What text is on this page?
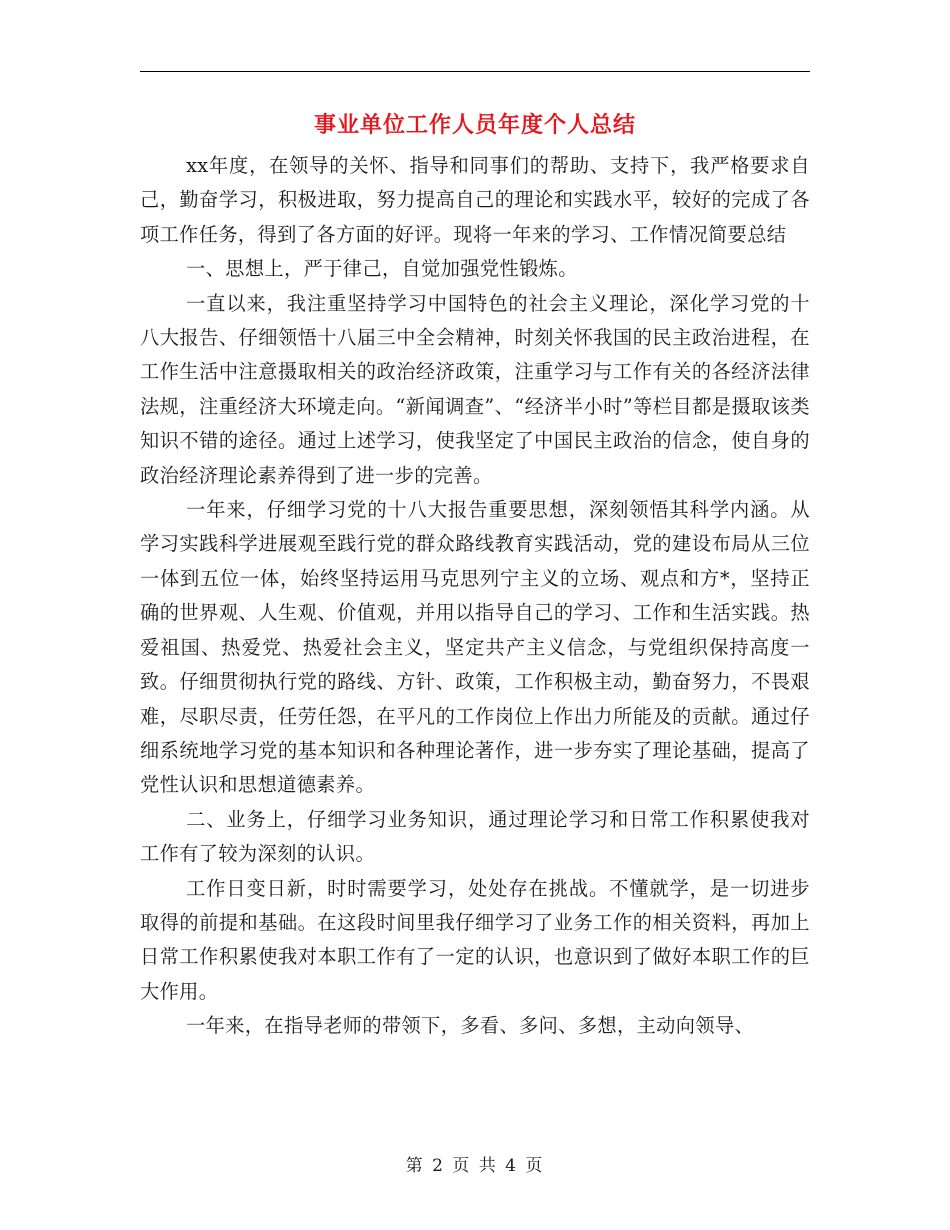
事业单位工作人员年度个人总结

xx年度，在领导的关怀、指导和同事们的帮助、支持下，我严格要求自己，勤奋学习，积极进取，努力提高自己的理论和实践水平，较好的完成了各项工作任务，得到了各方面的好评。现将一年来的学习、工作情况简要总结

一、思想上，严于律己，自觉加强党性锻炼。

一直以来，我注重坚持学习中国特色的社会主义理论，深化学习党的十八大报告、仔细领悟十八届三中全会精神，时刻关怀我国的民主政治进程，在工作生活中注意摄取相关的政治经济政策，注重学习与工作有关的各经济法律法规，注重经济大环境走向。“新闻调查”、“经济半小时”等栏目都是摄取该类知识不错的途径。通过上述学习，使我坚定了中国民主政治的信念，使自身的政治经济理论素养得到了进一步的完善。

一年来，仔细学习党的十八大报告重要思想，深刻领悟其科学内涵。从学习实践科学进展观至践行党的群众路线教育实践活动，党的建设布局从三位一体到五位一体，始终坚持运用马克思列宁主义的立场、观点和方*，坚持正确的世界观、人生观、价值观，并用以指导自己的学习、工作和生活实践。热爱祖国、热爱党、热爱社会主义，坚定共产主义信念，与党组织保持高度一致。仔细贯彻执行党的路线、方针、政策，工作积极主动，勤奋努力，不畏艰难，尽职尽责，任劳任怨，在平凡的工作岗位上作出力所能及的贡献。通过仔细系统地学习党的基本知识和各种理论著作，进一步夯实了理论基础，提高了党性认识和思想道德素养。

二、业务上，仔细学习业务知识，通过理论学习和日常工作积累使我对工作有了较为深刻的认识。

工作日变日新，时时需要学习，处处存在挑战。不懂就学，是一切进步取得的前提和基础。在这段时间里我仔细学习了业务工作的相关资料，再加上日常工作积累使我对本职工作有了一定的认识，也意识到了做好本职工作的巨大作用。

一年来，在指导老师的带领下，多看、多问、多想，主动向领导、

第 2 页 共 4 页
